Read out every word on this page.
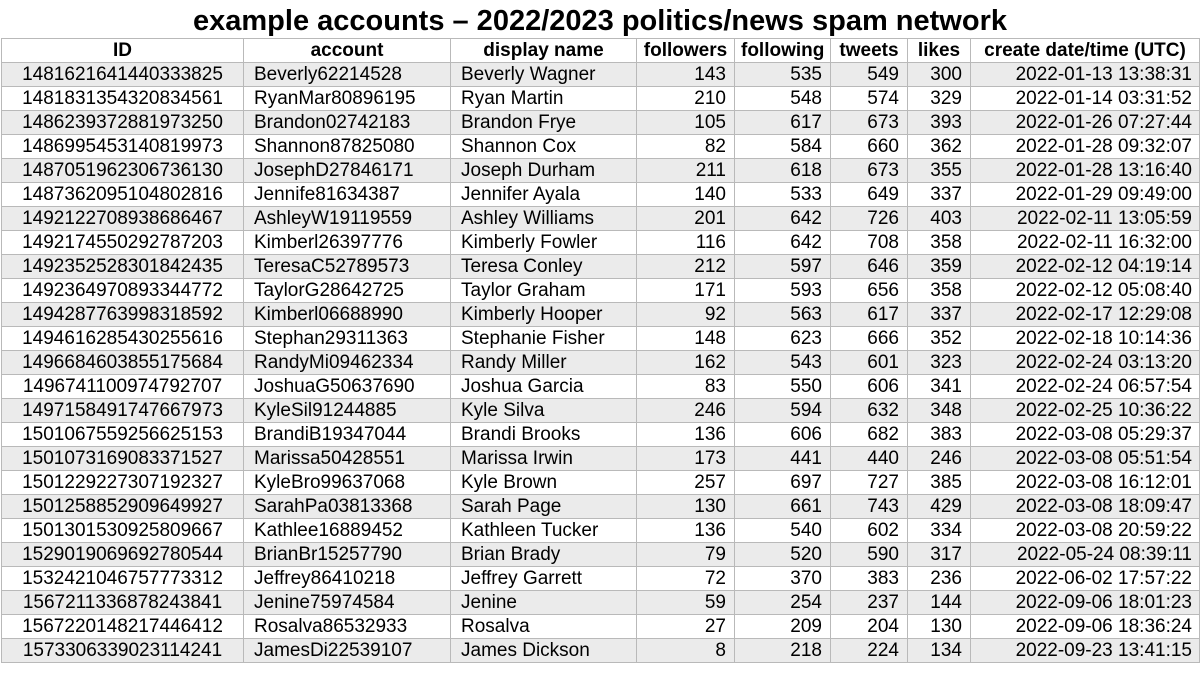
example accounts – 2022/2023 politics/news spam network
ID	account	display name	followers	following	tweets	likes	create date/time (UTC)
1481621641440333825	Beverly62214528	Beverly Wagner	143	535	549	300	2022-01-13 13:38:31
1481831354320834561	RyanMar80896195	Ryan Martin	210	548	574	329	2022-01-14 03:31:52
1486239372881973250	Brandon02742183	Brandon Frye	105	617	673	393	2022-01-26 07:27:44
1486995453140819973	Shannon87825080	Shannon Cox	82	584	660	362	2022-01-28 09:32:07
1487051962306736130	JosephD27846171	Joseph Durham	211	618	673	355	2022-01-28 13:16:40
1487362095104802816	Jennife81634387	Jennifer Ayala	140	533	649	337	2022-01-29 09:49:00
1492122708938686467	AshleyW19119559	Ashley Williams	201	642	726	403	2022-02-11 13:05:59
1492174550292787203	Kimberl26397776	Kimberly Fowler	116	642	708	358	2022-02-11 16:32:00
1492352528301842435	TeresaC52789573	Teresa Conley	212	597	646	359	2022-02-12 04:19:14
1492364970893344772	TaylorG28642725	Taylor Graham	171	593	656	358	2022-02-12 05:08:40
1494287763998318592	Kimberl06688990	Kimberly Hooper	92	563	617	337	2022-02-17 12:29:08
1494616285430255616	Stephan29311363	Stephanie Fisher	148	623	666	352	2022-02-18 10:14:36
1496684603855175684	RandyMi09462334	Randy Miller	162	543	601	323	2022-02-24 03:13:20
1496741100974792707	JoshuaG50637690	Joshua Garcia	83	550	606	341	2022-02-24 06:57:54
1497158491747667973	KyleSil91244885	Kyle Silva	246	594	632	348	2022-02-25 10:36:22
1501067559256625153	BrandiB19347044	Brandi Brooks	136	606	682	383	2022-03-08 05:29:37
1501073169083371527	Marissa50428551	Marissa Irwin	173	441	440	246	2022-03-08 05:51:54
1501229227307192327	KyleBro99637068	Kyle Brown	257	697	727	385	2022-03-08 16:12:01
1501258852909649927	SarahPa03813368	Sarah Page	130	661	743	429	2022-03-08 18:09:47
1501301530925809667	Kathlee16889452	Kathleen Tucker	136	540	602	334	2022-03-08 20:59:22
1529019069692780544	BrianBr15257790	Brian Brady	79	520	590	317	2022-05-24 08:39:11
1532421046757773312	Jeffrey86410218	Jeffrey Garrett	72	370	383	236	2022-06-02 17:57:22
1567211336878243841	Jenine75974584	Jenine	59	254	237	144	2022-09-06 18:01:23
1567220148217446412	Rosalva86532933	Rosalva	27	209	204	130	2022-09-06 18:36:24
1573306339023114241	JamesDi22539107	James Dickson	8	218	224	134	2022-09-23 13:41:15
